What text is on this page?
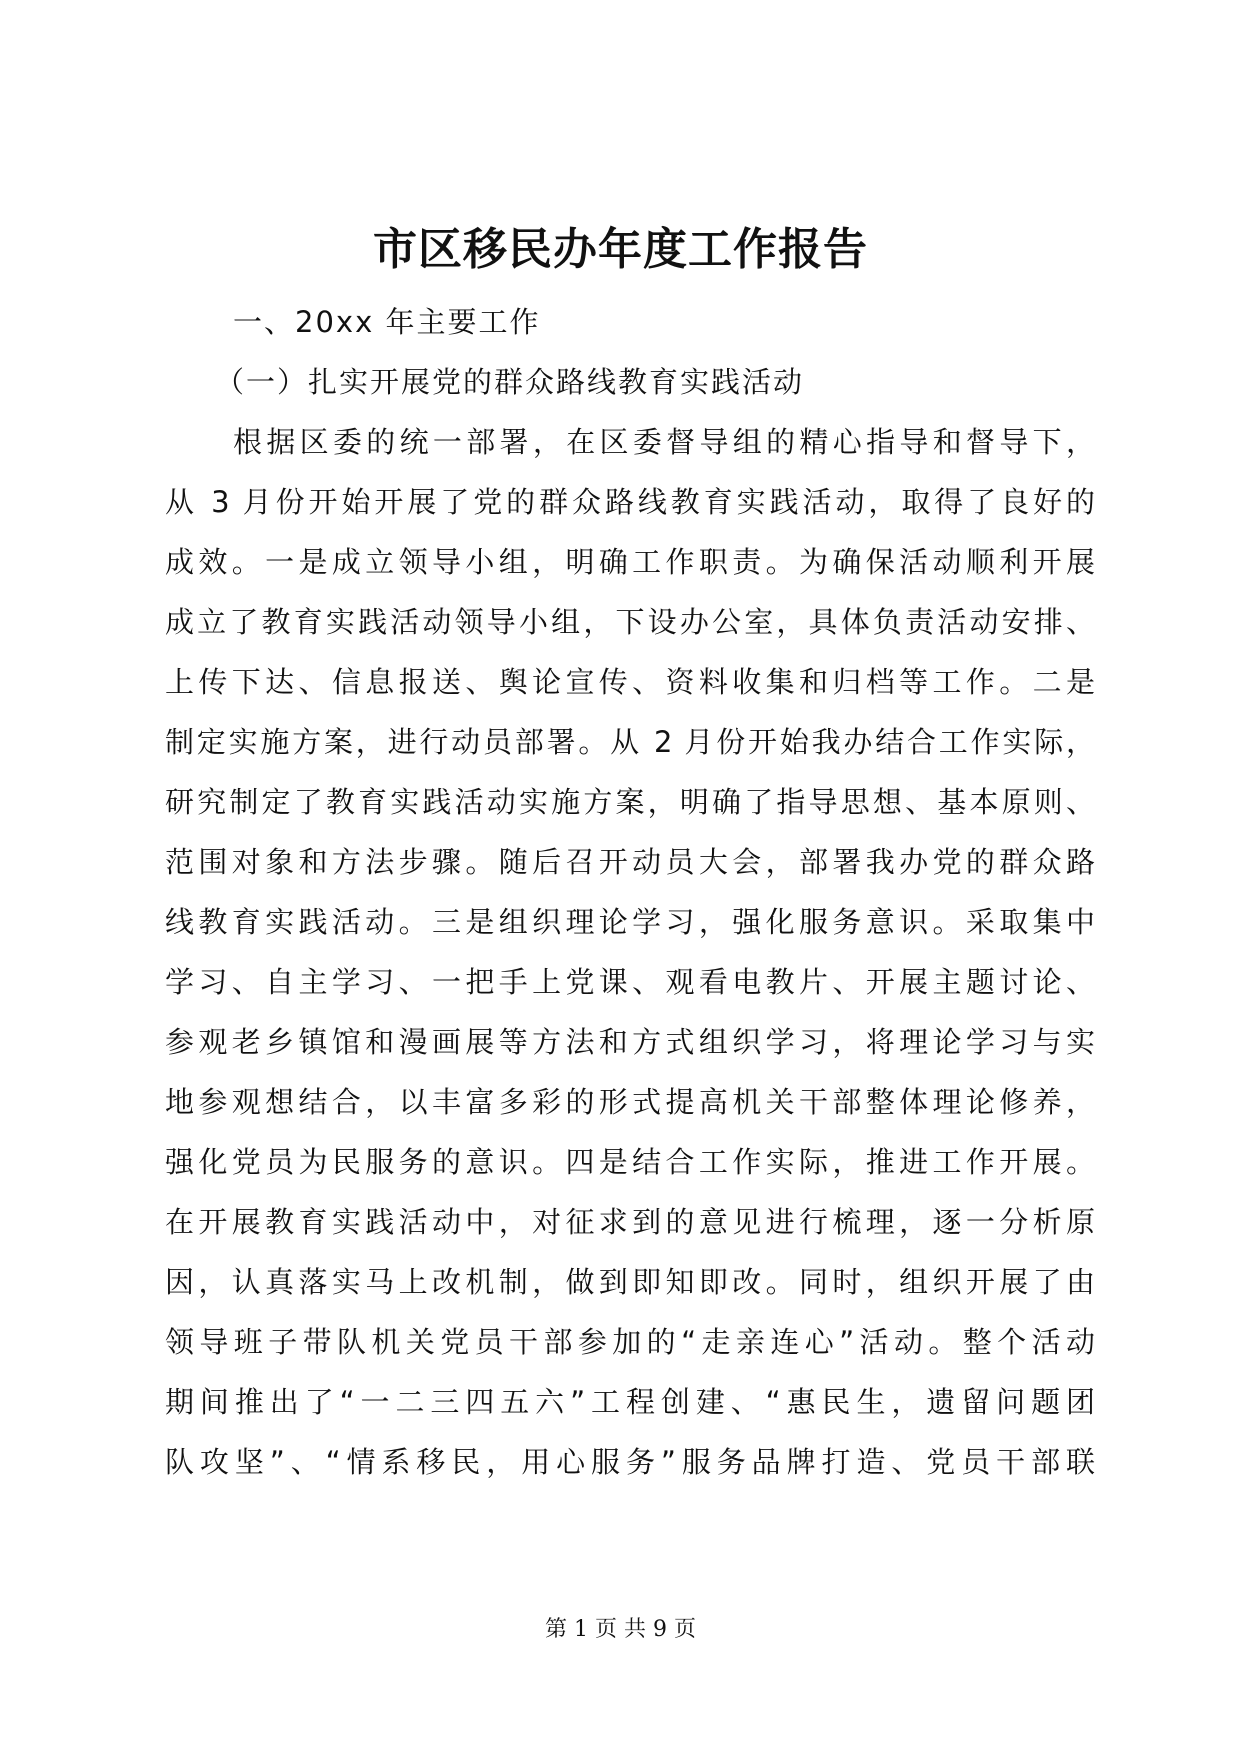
市区移民办年度工作报告
一、20xx 年主要工作
（一）扎实开展党的群众路线教育实践活动
根据区委的统一部署，在区委督导组的精心指导和督导下，
从 3 月份开始开展了党的群众路线教育实践活动，取得了良好的
成效。一是成立领导小组，明确工作职责。为确保活动顺利开展
成立了教育实践活动领导小组，下设办公室，具体负责活动安排、
上传下达、信息报送、舆论宣传、资料收集和归档等工作。二是
制定实施方案，进行动员部署。从 2 月份开始我办结合工作实际，
研究制定了教育实践活动实施方案，明确了指导思想、基本原则、
范围对象和方法步骤。随后召开动员大会，部署我办党的群众路
线教育实践活动。三是组织理论学习，强化服务意识。采取集中
学习、自主学习、一把手上党课、观看电教片、开展主题讨论、
参观老乡镇馆和漫画展等方法和方式组织学习，将理论学习与实
地参观想结合，以丰富多彩的形式提高机关干部整体理论修养，
强化党员为民服务的意识。四是结合工作实际，推进工作开展。
在开展教育实践活动中，对征求到的意见进行梳理，逐一分析原
因，认真落实马上改机制，做到即知即改。同时，组织开展了由
领导班子带队机关党员干部参加的“走亲连心”活动。整个活动
期间推出了“一二三四五六”工程创建、“惠民生，遗留问题团
队攻坚”、“情系移民，用心服务”服务品牌打造、党员干部联
第 1 页 共 9 页
